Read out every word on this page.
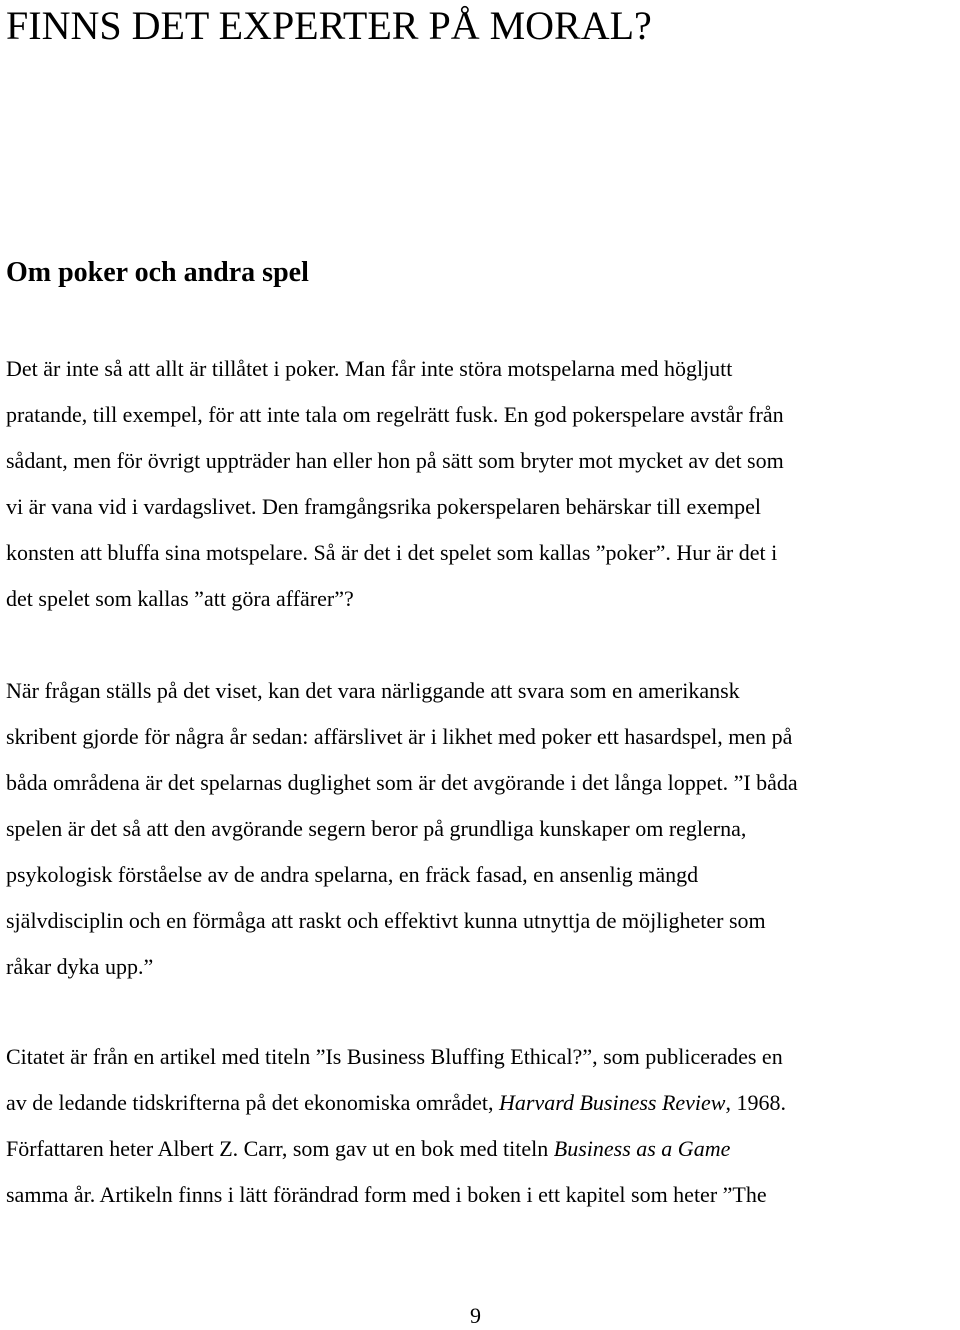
FINNS DET EXPERTER PÅ MORAL?
Om poker och andra spel
Det är inte så att allt är tillåtet i poker. Man får inte störa motspelarna med högljutt
pratande, till exempel, för att inte tala om regelrätt fusk. En god pokerspelare avstår från
sådant, men för övrigt uppträder han eller hon på sätt som bryter mot mycket av det som
vi är vana vid i vardagslivet. Den framgångsrika pokerspelaren behärskar till exempel
konsten att bluffa sina motspelare. Så är det i det spelet som kallas ”poker”. Hur är det i
det spelet som kallas ”att göra affärer”?
När frågan ställs på det viset, kan det vara närliggande att svara som en amerikansk
skribent gjorde för några år sedan: affärslivet är i likhet med poker ett hasardspel, men på
båda områdena är det spelarnas duglighet som är det avgörande i det långa loppet. ”I båda
spelen är det så att den avgörande segern beror på grundliga kunskaper om reglerna,
psykologisk förståelse av de andra spelarna, en fräck fasad, en ansenlig mängd
självdisciplin och en förmåga att raskt och effektivt kunna utnyttja de möjligheter som
råkar dyka upp.”
Citatet är från en artikel med titeln ”Is Business Bluffing Ethical?”, som publicerades en
av de ledande tidskrifterna på det ekonomiska området, Harvard Business Review, 1968.
Författaren heter Albert Z. Carr, som gav ut en bok med titeln Business as a Game
samma år. Artikeln finns i lätt förändrad form med i boken i ett kapitel som heter ”The
9
